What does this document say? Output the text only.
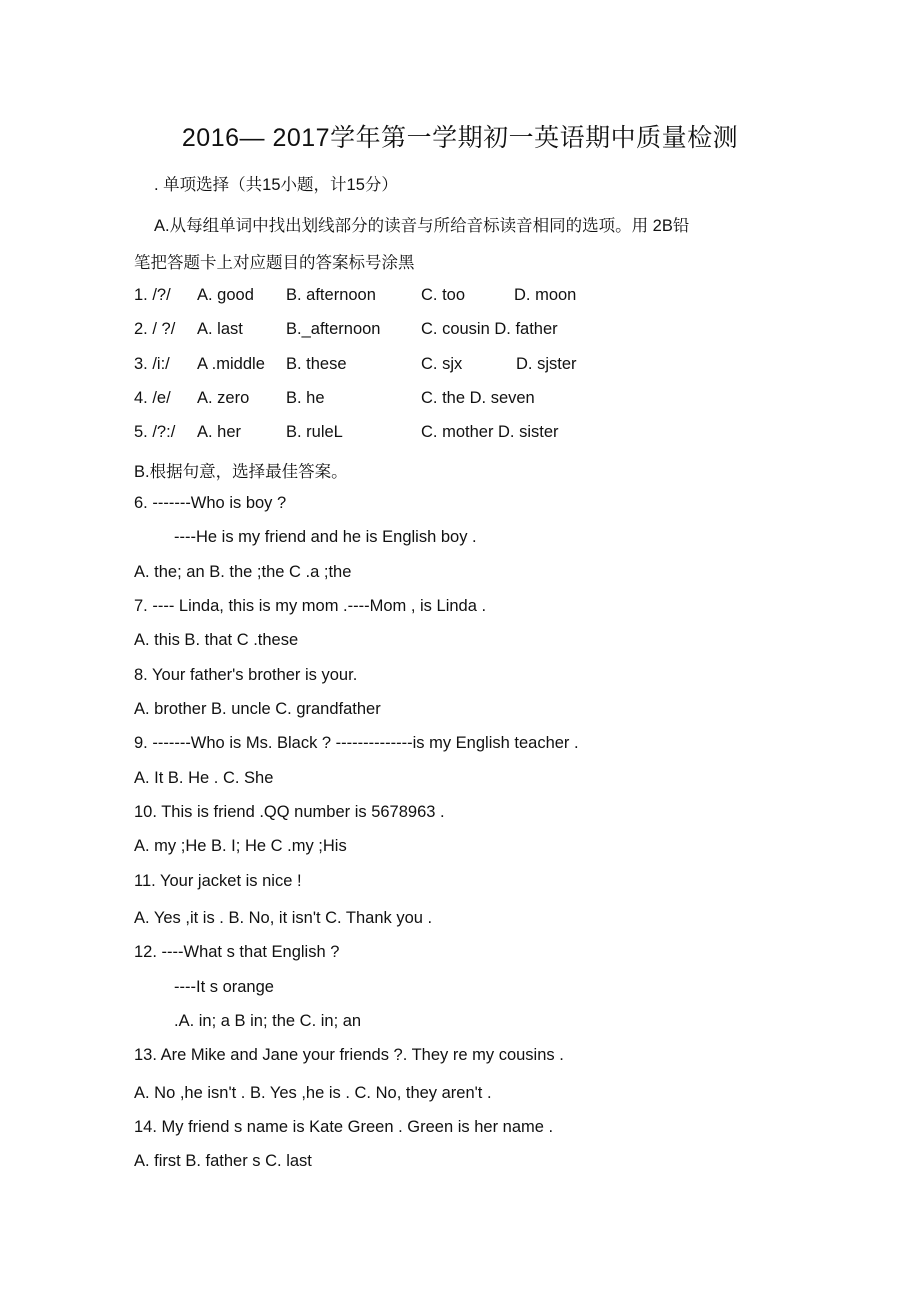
2016— 2017学年第一学期初一英语期中质量检测
. 单项选择（共15小题，计15分）
A.从每组单词中找出划线部分的读音与所给音标读音相同的选项。用 2B铅
笔把答题卡上对应题目的答案标号涂黑
1. /?/ A. good B. afternoon	C. too	D. moon
2. / ?/ A. last	B._afternoon C. cousin D. father
3. /i:/ A .middle B. these	C. sjx	D. sjster
4. /e/ A. zero B. he	C. the D. seven
5. /?:/ A. her	B. ruleL	C. mother D. sister
B.根据句意，选择最佳答案。
6. -------Who is boy ?
----He is my friend and he is English boy .
A. the; an B. the ;the C .a ;the
7. ---- Linda, this is my mom .----Mom , is Linda .
A. this B. that C .these
8. Your father's brother is your.
A. brother B. uncle C. grandfather
9. -------Who is Ms. Black ? --------------is my English teacher .
A. It B. He . C. She
10. This is friend .QQ number is 5678963 .
A. my ;He B. I; He C .my ;His
11. Your jacket is nice !
A. Yes ,it is . B. No, it isn't C. Thank you .
12. ----What s that English ?
----It s orange
.A. in; a B in; the C. in; an
13. Are Mike and Jane your friends ?. They re my cousins .
A. No ,he isn't . B. Yes ,he is . C. No, they aren't .
14. My friend s name is Kate Green . Green is her name .
A. first B. father s C. last
